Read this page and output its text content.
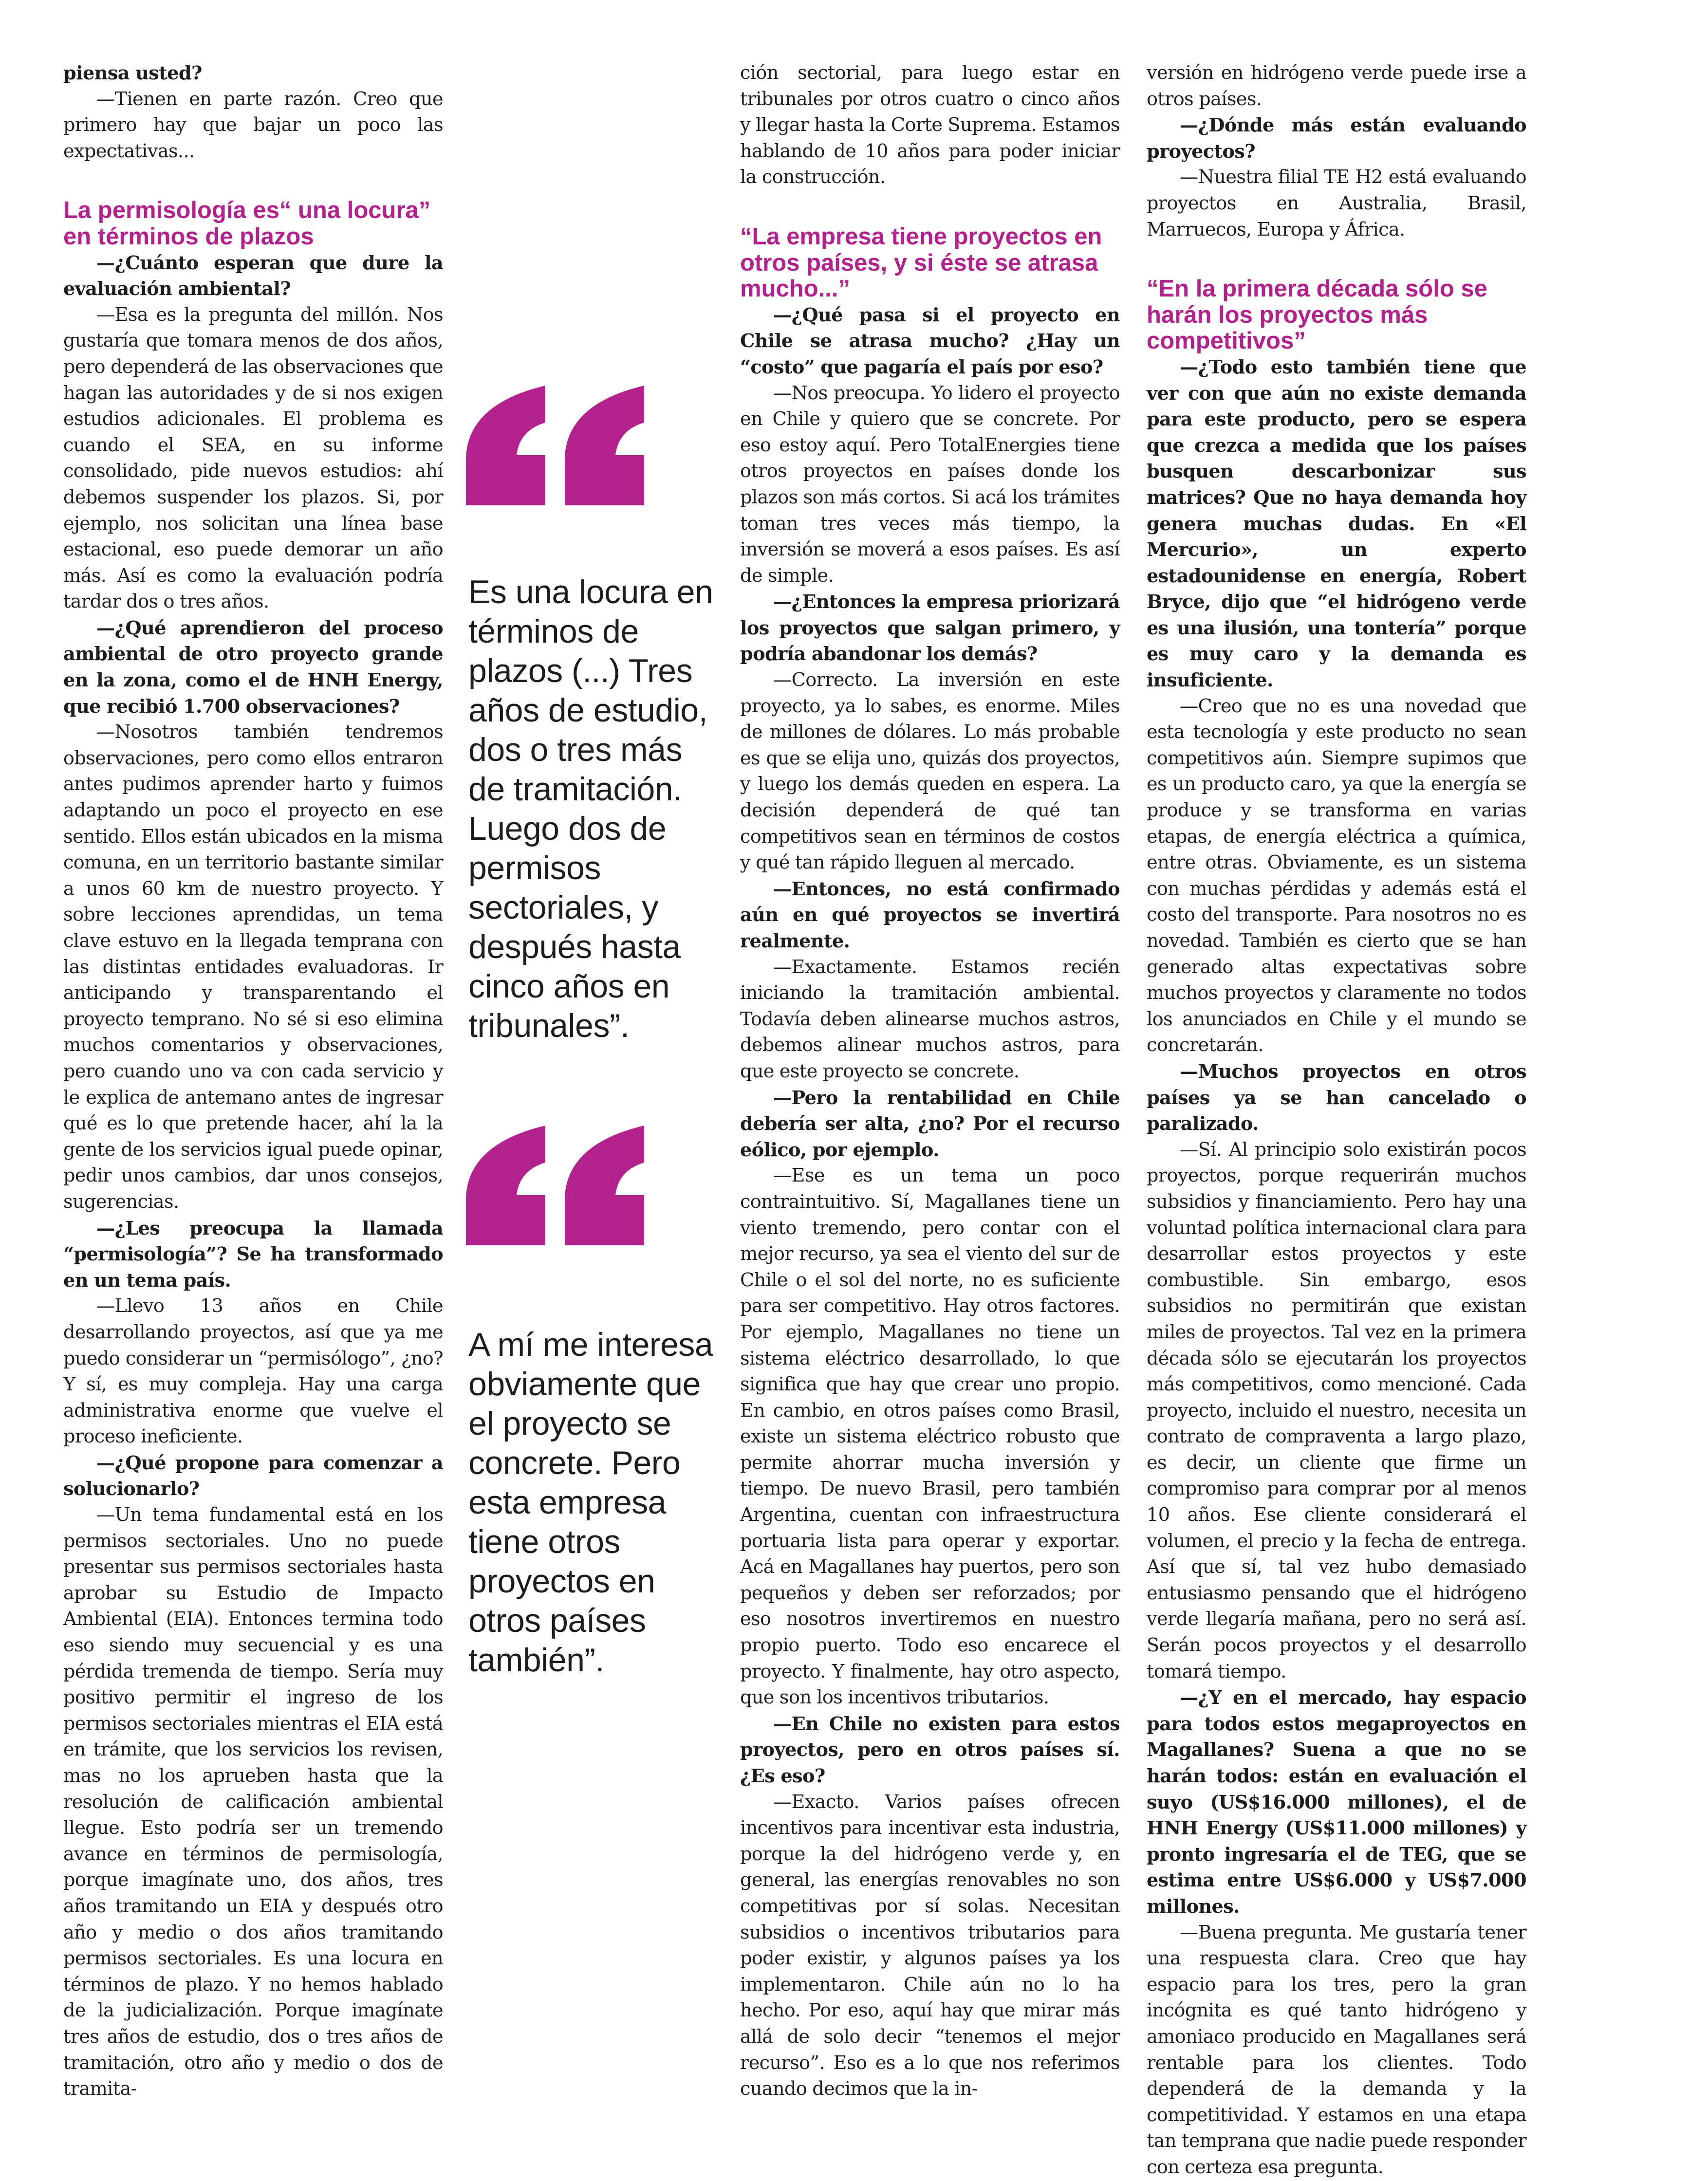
piensa usted?

—Tienen en parte razón. Creo que primero hay que bajar un poco las expectativas...

La permisología es“ una locura” en términos de plazos

—¿Cuánto esperan que dure la evaluación ambiental?

—Esa es la pregunta del millón. Nos gustaría que tomara menos de dos años, pero dependerá de las observaciones que hagan las autoridades y de si nos exigen estudios adicionales. El problema es cuando el SEA, en su informe consolidado, pide nuevos estudios: ahí debemos suspender los plazos. Si, por ejemplo, nos solicitan una línea base estacional, eso puede demorar un año más. Así es como la evaluación podría tardar dos o tres años.

—¿Qué aprendieron del proceso ambiental de otro proyecto grande en la zona, como el de HNH Energy, que recibió 1.700 observaciones?

—Nosotros también tendremos observaciones, pero como ellos entraron antes pudimos aprender harto y fuimos adaptando un poco el proyecto en ese sentido. Ellos están ubicados en la misma comuna, en un territorio bastante similar a unos 60 km de nuestro proyecto. Y sobre lecciones aprendidas, un tema clave estuvo en la llegada temprana con las distintas entidades evaluadoras. Ir anticipando y transparentando el proyecto temprano. No sé si eso elimina muchos comentarios y observaciones, pero cuando uno va con cada servicio y le explica de antemano antes de ingresar qué es lo que pretende hacer, ahí la la gente de los servicios igual puede opinar, pedir unos cambios, dar unos consejos, sugerencias.

—¿Les preocupa la llamada “permisología”? Se ha transformado en un tema país.

—Llevo 13 años en Chile desarrollando proyectos, así que ya me puedo considerar un “permisólogo”, ¿no? Y sí, es muy compleja. Hay una carga administrativa enorme que vuelve el proceso ineficiente.

—¿Qué propone para comenzar a solucionarlo?

—Un tema fundamental está en los permisos sectoriales. Uno no puede presentar sus permisos sectoriales hasta aprobar su Estudio de Impacto Ambiental (EIA). Entonces termina todo eso siendo muy secuencial y es una pérdida tremenda de tiempo. Sería muy positivo permitir el ingreso de los permisos sectoriales mientras el EIA está en trámite, que los servicios los revisen, mas no los aprueben hasta que la resolución de calificación ambiental llegue. Esto podría ser un tremendo avance en términos de permisología, porque imagínate uno, dos años, tres años tramitando un EIA y después otro año y medio o dos años tramitando permisos sectoriales. Es una locura en términos de plazo. Y no hemos hablado de la judicialización. Porque imagínate tres años de estudio, dos o tres años de tramitación, otro año y medio o dos de tramita-

Es una locura en términos de plazos (...) Tres años de estudio, dos o tres más de tramitación. Luego dos de permisos sectoriales, y después hasta cinco años en tribunales”.
A mí me interesa obviamente que el proyecto se concrete. Pero esta empresa tiene otros proyectos en otros países también”.

ción sectorial, para luego estar en tribunales por otros cuatro o cinco años y llegar hasta la Corte Suprema. Estamos hablando de 10 años para poder iniciar la construcción.

“La empresa tiene proyectos en otros países, y si éste se atrasa mucho...”

—¿Qué pasa si el proyecto en Chile se atrasa mucho? ¿Hay un “costo” que pagaría el país por eso?

—Nos preocupa. Yo lidero el proyecto en Chile y quiero que se concrete. Por eso estoy aquí. Pero TotalEnergies tiene otros proyectos en países donde los plazos son más cortos. Si acá los trámites toman tres veces más tiempo, la inversión se moverá a esos países. Es así de simple.

—¿Entonces la empresa priorizará los proyectos que salgan primero, y podría abandonar los demás?

—Correcto. La inversión en este proyecto, ya lo sabes, es enorme. Miles de millones de dólares. Lo más probable es que se elija uno, quizás dos proyectos, y luego los demás queden en espera. La decisión dependerá de qué tan competitivos sean en términos de costos y qué tan rápido lleguen al mercado.

—Entonces, no está confirmado aún en qué proyectos se invertirá realmente.

—Exactamente. Estamos recién iniciando la tramitación ambiental. Todavía deben alinearse muchos astros, debemos alinear muchos astros, para que este proyecto se concrete.

—Pero la rentabilidad en Chile debería ser alta, ¿no? Por el recurso eólico, por ejemplo.

—Ese es un tema un poco contraintuitivo. Sí, Magallanes tiene un viento tremendo, pero contar con el mejor recurso, ya sea el viento del sur de Chile o el sol del norte, no es suficiente para ser competitivo. Hay otros factores. Por ejemplo, Magallanes no tiene un sistema eléctrico desarrollado, lo que significa que hay que crear uno propio. En cambio, en otros países como Brasil, existe un sistema eléctrico robusto que permite ahorrar mucha inversión y tiempo. De nuevo Brasil, pero también Argentina, cuentan con infraestructura portuaria lista para operar y exportar. Acá en Magallanes hay puertos, pero son pequeños y deben ser reforzados; por eso nosotros invertiremos en nuestro propio puerto. Todo eso encarece el proyecto. Y finalmente, hay otro aspecto, que son los incentivos tributarios.

—En Chile no existen para estos proyectos, pero en otros países sí. ¿Es eso?

—Exacto. Varios países ofrecen incentivos para incentivar esta industria, porque la del hidrógeno verde y, en general, las energías renovables no son competitivas por sí solas. Necesitan subsidios o incentivos tributarios para poder existir, y algunos países ya los implementaron. Chile aún no lo ha hecho. Por eso, aquí hay que mirar más allá de solo decir “tenemos el mejor recurso”. Eso es a lo que nos referimos cuando decimos que la in-

versión en hidrógeno verde puede irse a otros países.

—¿Dónde más están evaluando proyectos?

—Nuestra filial TE H2 está evaluando proyectos en Australia, Brasil, Marruecos, Europa y África.

“En la primera década sólo se harán los proyectos más competitivos”

—¿Todo esto también tiene que ver con que aún no existe demanda para este producto, pero se espera que crezca a medida que los países busquen descarbonizar sus matrices? Que no haya demanda hoy genera muchas dudas. En «El Mercurio», un experto estadounidense en energía, Robert Bryce, dijo que “el hidrógeno verde es una ilusión, una tontería” porque es muy caro y la demanda es insuficiente.

—Creo que no es una novedad que esta tecnología y este producto no sean competitivos aún. Siempre supimos que es un producto caro, ya que la energía se produce y se transforma en varias etapas, de energía eléctrica a química, entre otras. Obviamente, es un sistema con muchas pérdidas y además está el costo del transporte. Para nosotros no es novedad. También es cierto que se han generado altas expectativas sobre muchos proyectos y claramente no todos los anunciados en Chile y el mundo se concretarán.

—Muchos proyectos en otros países ya se han cancelado o paralizado.

—Sí. Al principio solo existirán pocos proyectos, porque requerirán muchos subsidios y financiamiento. Pero hay una voluntad política internacional clara para desarrollar estos proyectos y este combustible. Sin embargo, esos subsidios no permitirán que existan miles de proyectos. Tal vez en la primera década sólo se ejecutarán los proyectos más competitivos, como mencioné. Cada proyecto, incluido el nuestro, necesita un contrato de compraventa a largo plazo, es decir, un cliente que firme un compromiso para comprar por al menos 10 años. Ese cliente considerará el volumen, el precio y la fecha de entrega. Así que sí, tal vez hubo demasiado entusiasmo pensando que el hidrógeno verde llegaría mañana, pero no será así. Serán pocos proyectos y el desarrollo tomará tiempo.

—¿Y en el mercado, hay espacio para todos estos megaproyectos en Magallanes? Suena a que no se harán todos: están en evaluación el suyo (US$16.000 millones), el de HNH Energy (US$11.000 millones) y pronto ingresaría el de TEG, que se estima entre US$6.000 y US$7.000 millones.

—Buena pregunta. Me gustaría tener una respuesta clara. Creo que hay espacio para los tres, pero la gran incógnita es qué tanto hidrógeno y amoniaco producido en Magallanes será rentable para los clientes. Todo dependerá de la demanda y la competitividad. Y estamos en una etapa tan temprana que nadie puede responder con certeza esa pregunta.
